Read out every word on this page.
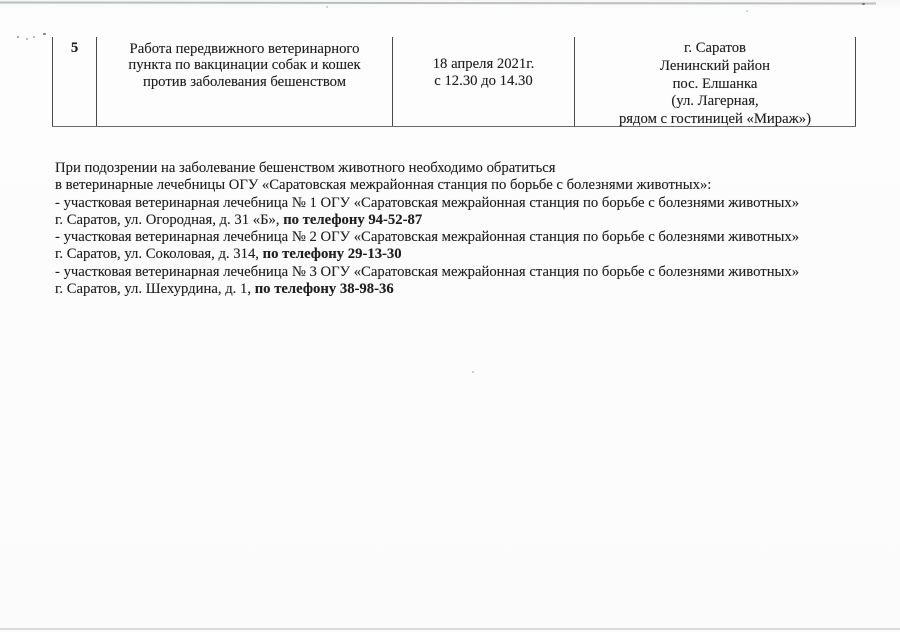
5	Работа передвижного ветеринарного
пункта по вакцинации собак и кошек
против заболевания бешенством
18 апреля 2021г.
с 12.30 до 14.30
г. Саратов
Ленинский район
пос. Елшанка
(ул. Лагерная,
рядом с гостиницей «Мираж»)
При подозрении на заболевание бешенством животного необходимо обратиться
в ветеринарные лечебницы ОГУ «Саратовская межрайонная станция по борьбе с болезнями животных»:
- участковая ветеринарная лечебница № 1 ОГУ «Саратовская межрайонная станция по борьбе с болезнями животных»
г. Саратов, ул. Огородная, д. 31 «Б», по телефону 94-52-87
- участковая ветеринарная лечебница № 2 ОГУ «Саратовская межрайонная станция по борьбе с болезнями животных»
г. Саратов, ул. Соколовая, д. 314, по телефону 29-13-30
- участковая ветеринарная лечебница № 3 ОГУ «Саратовская межрайонная станция по борьбе с болезнями животных»
г. Саратов, ул. Шехурдина, д. 1, по телефону 38-98-36
